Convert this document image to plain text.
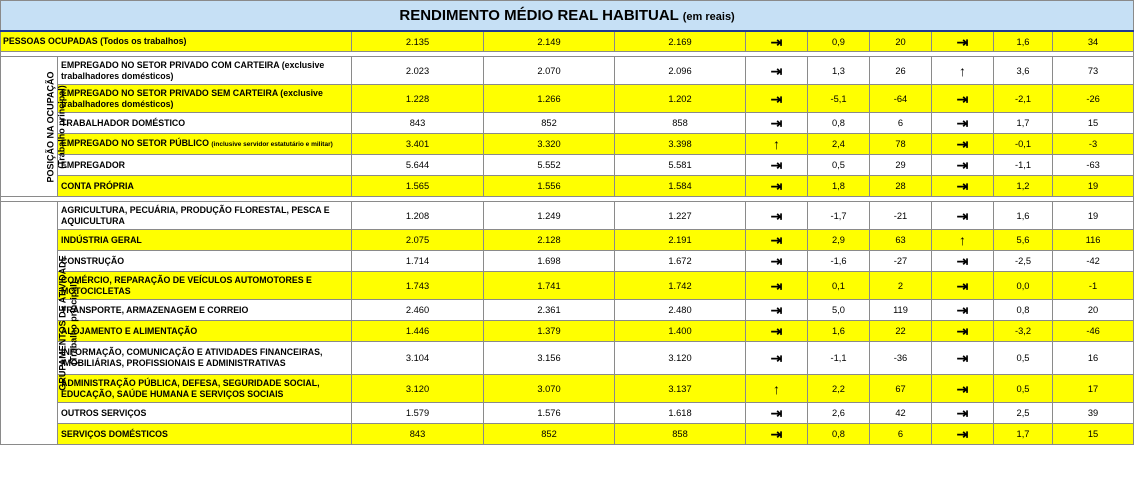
RENDIMENTO MÉDIO REAL HABITUAL (em reais)										
PESSOAS OCUPADAS (Todos os trabalhos)		2.135	2.149	2.169	⇥	0,9	20	⇥	1,6	34

POSIÇÃO NA OCUPAÇÃO
(Trabalho principal)	EMPREGADO NO SETOR PRIVADO COM CARTEIRA (exclusive trabalhadores domésticos)	2.023	2.070	2.096	⇥	1,3	26	↑	3,6	73
	EMPREGADO NO SETOR PRIVADO SEM CARTEIRA (exclusive trabalhadores domésticos)	1.228	1.266	1.202	⇥	-5,1	-64	⇥	-2,1	-26
	TRABALHADOR DOMÉSTICO	843	852	858	⇥	0,8	6	⇥	1,7	15
	EMPREGADO NO SETOR PÚBLICO (inclusive servidor estatutário e militar)	3.401	3.320	3.398	↑	2,4	78	⇥	-0,1	-3
	EMPREGADOR	5.644	5.552	5.581	⇥	0,5	29	⇥	-1,1	-63
	CONTA PRÓPRIA	1.565	1.556	1.584	⇥	1,8	28	⇥	1,2	19

GRUPAMENTOS DE ATIVIDADE
(Trabalho principal)	AGRICULTURA, PECUÁRIA, PRODUÇÃO FLORESTAL, PESCA E AQUICULTURA	1.208	1.249	1.227	⇥	-1,7	-21	⇥	1,6	19
	INDÚSTRIA GERAL	2.075	2.128	2.191	⇥	2,9	63	↑	5,6	116
	CONSTRUÇÃO	1.714	1.698	1.672	⇥	-1,6	-27	⇥	-2,5	-42
	COMÉRCIO, REPARAÇÃO DE VEÍCULOS AUTOMOTORES E MOTOCICLETAS	1.743	1.741	1.742	⇥	0,1	2	⇥	0,0	-1
	TRANSPORTE, ARMAZENAGEM E CORREIO	2.460	2.361	2.480	⇥	5,0	119	⇥	0,8	20
	ALOJAMENTO E ALIMENTAÇÃO	1.446	1.379	1.400	⇥	1,6	22	⇥	-3,2	-46
	INFORMAÇÃO, COMUNICAÇÃO E ATIVIDADES FINANCEIRAS, IMOBILIÁRIAS, PROFISSIONAIS E ADMINISTRATIVAS	3.104	3.156	3.120	⇥	-1,1	-36	⇥	0,5	16
	ADMINISTRAÇÃO PÚBLICA, DEFESA, SEGURIDADE SOCIAL, EDUCAÇÃO, SAÚDE HUMANA E SERVIÇOS SOCIAIS	3.120	3.070	3.137	↑	2,2	67	⇥	0,5	17
	OUTROS SERVIÇOS	1.579	1.576	1.618	⇥	2,6	42	⇥	2,5	39
	SERVIÇOS DOMÉSTICOS	843	852	858	⇥	0,8	6	⇥	1,7	15
